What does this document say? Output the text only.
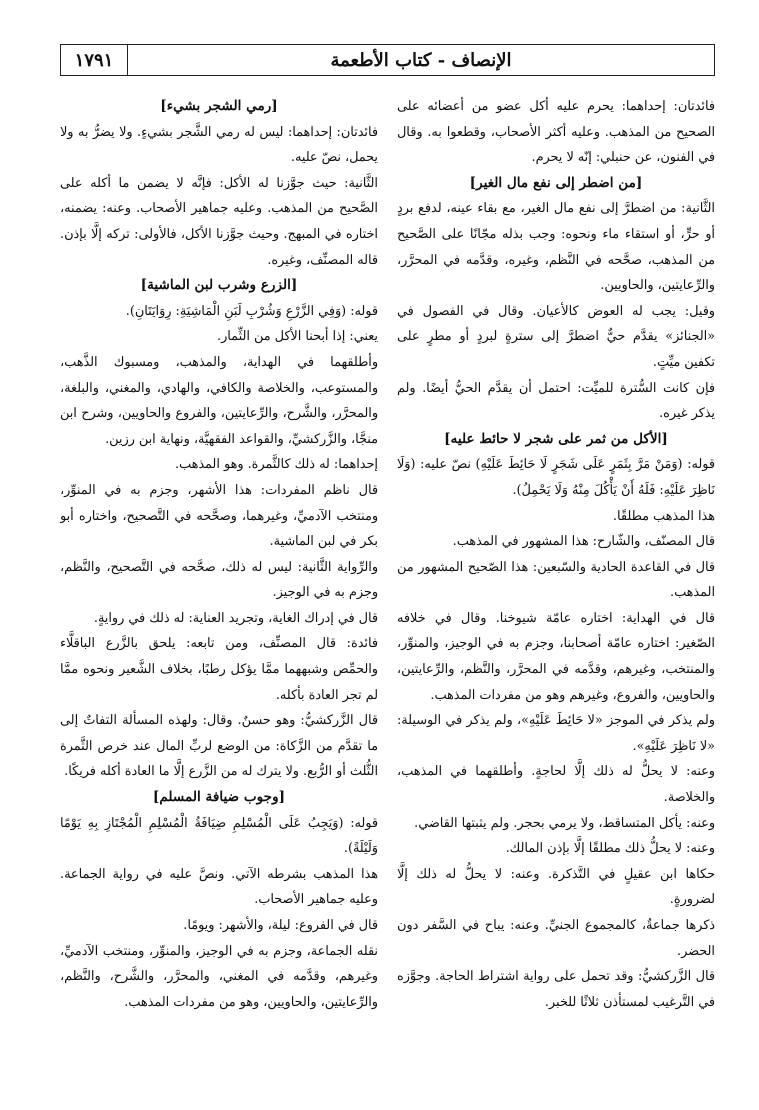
١٧٩١	الإنصاف - كتاب الأطعمة

فائدتان: إحداهما: يحرم عليه أكل عضو من أعضائه على الصحيح من المذهب. وعليه أكثر الأصحاب، وقطعوا به. وقال في الفنون، عن حنبلي: إنّه لا يحرم.

[من اضطر إلى نفع مال الغير]

الثَّانية: من اضطرَّ إلى نفع مال الغير، مع بقاء عينه، لدفع بردٍ أو حرٍّ، أو استقاء ماء ونحوه: وجب بذله مجّانًا على الصَّحيح من المذهب، صحَّحه في النَّظم، وغيره، وقدَّمه في المحرَّر، والرِّعايتين، والحاويين.

وقيل: يجب له العوض كالأعيان. وقال في الفصول في «الجنائز» يقدَّم حيٌّ اضطرَّ إلى سترةٍ لبردٍ أو مطرٍ على تكفين ميِّتٍ.

فإن كانت السُّترة للميِّت: احتمل أن يقدَّم الحيُّ أيضًا. ولم يذكر غيره.

[الأكل من ثمر على شجر لا حائط عليه]

قوله: (وَمَنْ مَرَّ بِثَمَرٍ عَلَى شَجَرٍ لَا حَائِطَ عَلَيْهِ) نصّ عليه: (وَلَا نَاظِرَ عَلَيْهِ: فَلَهُ أَنْ يَأْكُلَ مِنْهُ وَلَا يَحْمِلُ).

هذا المذهب مطلقًا.

قال المصنّف، والشّارح: هذا المشهور في المذهب.

قال في القاعدة الحادية والسّبعين: هذا الصّحيح المشهور من المذهب.

قال في الهداية: اختاره عامّة شيوخنا. وقال في خلافه الصّغير: اختاره عامّة أصحابنا، وجزم به في الوجيز، والمنوِّر، والمنتخب، وغيرهم، وقدَّمه في المحرَّر، والنَّظم، والرِّعايتين، والحاويين، والفروع، وغيرهم وهو من مفردات المذهب.

ولم يذكر في الموجز «لا حَائِطَ عَلَيْهِ»، ولم يذكر في الوسيلة: «لا نَاظِرَ عَلَيْهِ».

وعنه: لا يحلُّ له ذلك إلَّا لحاجةٍ. وأطلقهما في المذهب، والخلاصة.

وعنه: يأكل المتساقط، ولا يرمي بحجر. ولم يثبتها القاضي.

وعنه: لا يحلُّ ذلك مطلقًا إلَّا بإذن المالك.

حكاها ابن عقيلٍ في التَّذكرة. وعنه: لا يحلُّ له ذلك إلَّا لضرورةٍ.

ذكرها جماعةٌ، كالمجموع الجنيِّ. وعنه: يباح في السَّفر دون الحضر.

قال الزَّركشيُّ: وقد تحمل على رواية اشتراط الحاجة. وجوَّزه في التَّرغيب لمستأذن ثلاثًا للخبر.

[رمي الشجر بشيء]

فائدتان: إحداهما: ليس له رمي الشَّجر بشيءٍ. ولا يضرُّ به ولا يحمل، نصّ عليه.

الثَّانية: حيث جوَّزنا له الأكل: فإنَّه لا يضمن ما أكله على الصَّحيح من المذهب. وعليه جماهير الأصحاب. وعنه: يضمنه، اختاره في المبهج. وحيث جوَّزنا الأكل، فالأولى: تركه إلَّا بإذن. قاله المصنِّف، وغيره.

[الزرع وشرب لبن الماشية]

قوله: (وَفِي الزَّرْعِ وَشُرْبِ لَبَنِ الْمَاشِيَةِ: رِوَايَتَانِ).

يعني: إذا أبحنا الأكل من الثِّمار.

وأطلقهما في الهداية، والمذهب، ومسبوك الذَّهب، والمستوعب، والخلاصة والكافي، والهادي، والمغني، والبلغة، والمحرَّر، والشَّرح، والرِّعايتين، والفروع والحاويين، وشرح ابن منجَّا، والزَّركشيِّ، والقواعد الفقهيَّة، ونهاية ابن رزين.

إحداهما: له ذلك كالثَّمرة. وهو المذهب.

قال ناظم المفردات: هذا الأشهر، وجزم به في المنوِّر، ومنتخب الآدميِّ، وغيرهما، وصحَّحه في التَّصحيح، واختاره أبو بكر في لبن الماشية.

والرِّواية الثَّانية: ليس له ذلك، صحَّحه في التَّصحيح، والنَّظم، وجزم به في الوجيز.

قال في إدراك الغاية، وتجريد العناية: له ذلك في روايةٍ.

فائدة: قال المصنِّف، ومن تابعه: يلحق بالزَّرع الباقلَّاء والحمِّص وشبههما ممَّا يؤكل رطبًا، بخلاف الشَّعير ونحوه ممَّا لم تجر العادة بأكله.

قال الزَّركشيُّ: وهو حسنٌ. وقال: ولهذه المسألة التفاتٌ إلى ما تقدَّم من الزَّكاة: من الوضع لربِّ المال عند خرص الثَّمرة الثُّلث أو الرُّبع. ولا يترك له من الزَّرع إلَّا ما العادة أكله فريكًا.

[وجوب ضيافة المسلم]

قوله: (وَيَجِبُ عَلَى الْمُسْلِمِ ضِيَافَةُ الْمُسْلِمِ الْمُجْتَازِ بِهِ يَوْمًا وَلَيْلَةً).

هذا المذهب بشرطه الآتي. ونصَّ عليه في رواية الجماعة. وعليه جماهير الأصحاب.

قال في الفروع: ليلة، والأشهر: ويومًا.

نقله الجماعة، وجزم به في الوجيز، والمنوِّر، ومنتخب الآدميِّ، وغيرهم، وقدَّمه في المغني، والمحرَّر، والشَّرح، والنَّظم، والرِّعايتين، والحاويين، وهو من مفردات المذهب.
